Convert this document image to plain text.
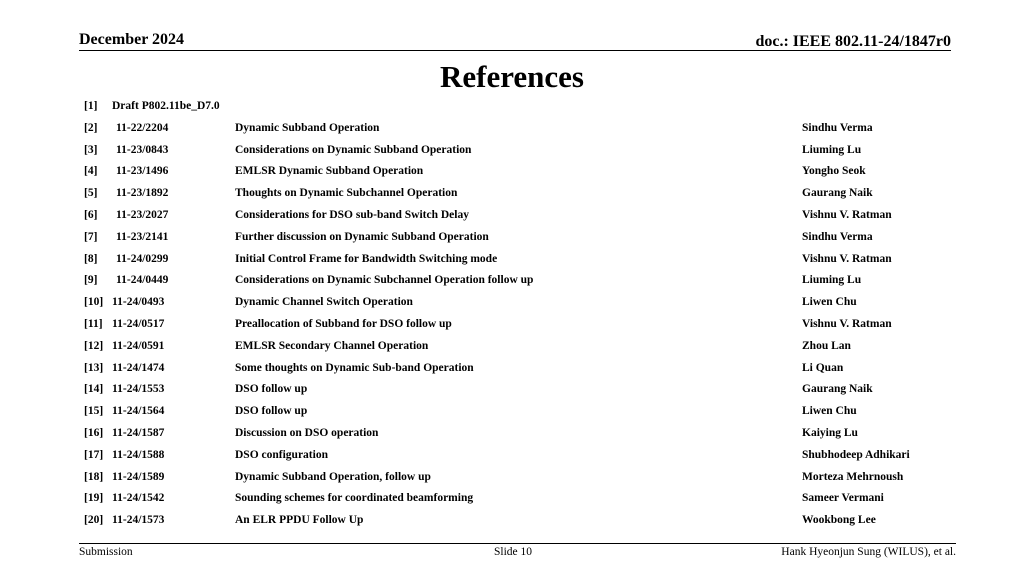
December 2024	doc.: IEEE 802.11-24/1847r0
References
[1] Draft P802.11be_D7.0
[2] 11-22/2204	Dynamic Subband Operation	Sindhu Verma
[3] 11-23/0843	Considerations on Dynamic Subband Operation	Liuming Lu
[4] 11-23/1496	EMLSR Dynamic Subband Operation	Yongho Seok
[5] 11-23/1892	Thoughts on Dynamic Subchannel Operation	Gaurang Naik
[6] 11-23/2027	Considerations for DSO sub-band Switch Delay	Vishnu V. Ratman
[7] 11-23/2141	Further discussion on Dynamic Subband Operation	Sindhu Verma
[8] 11-24/0299	Initial Control Frame for Bandwidth Switching mode	Vishnu V. Ratman
[9] 11-24/0449	Considerations on Dynamic Subchannel Operation follow up	Liuming Lu
[10] 11-24/0493	Dynamic Channel Switch Operation	Liwen Chu
[11] 11-24/0517	Preallocation of Subband for DSO follow up	Vishnu V. Ratman
[12] 11-24/0591	EMLSR Secondary Channel Operation	Zhou Lan
[13] 11-24/1474	Some thoughts on Dynamic Sub-band Operation	Li Quan
[14] 11-24/1553	DSO follow up	Gaurang Naik
[15] 11-24/1564	DSO follow up	Liwen Chu
[16] 11-24/1587	Discussion on DSO operation	Kaiying Lu
[17] 11-24/1588	DSO configuration	Shubhodeep Adhikari
[18] 11-24/1589	Dynamic Subband Operation, follow up	Morteza Mehrnoush
[19] 11-24/1542	Sounding schemes for coordinated beamforming	Sameer Vermani
[20] 11-24/1573	An ELR PPDU Follow Up	Wookbong Lee
Submission	Slide 10	Hank Hyeonjun Sung (WILUS), et al.
